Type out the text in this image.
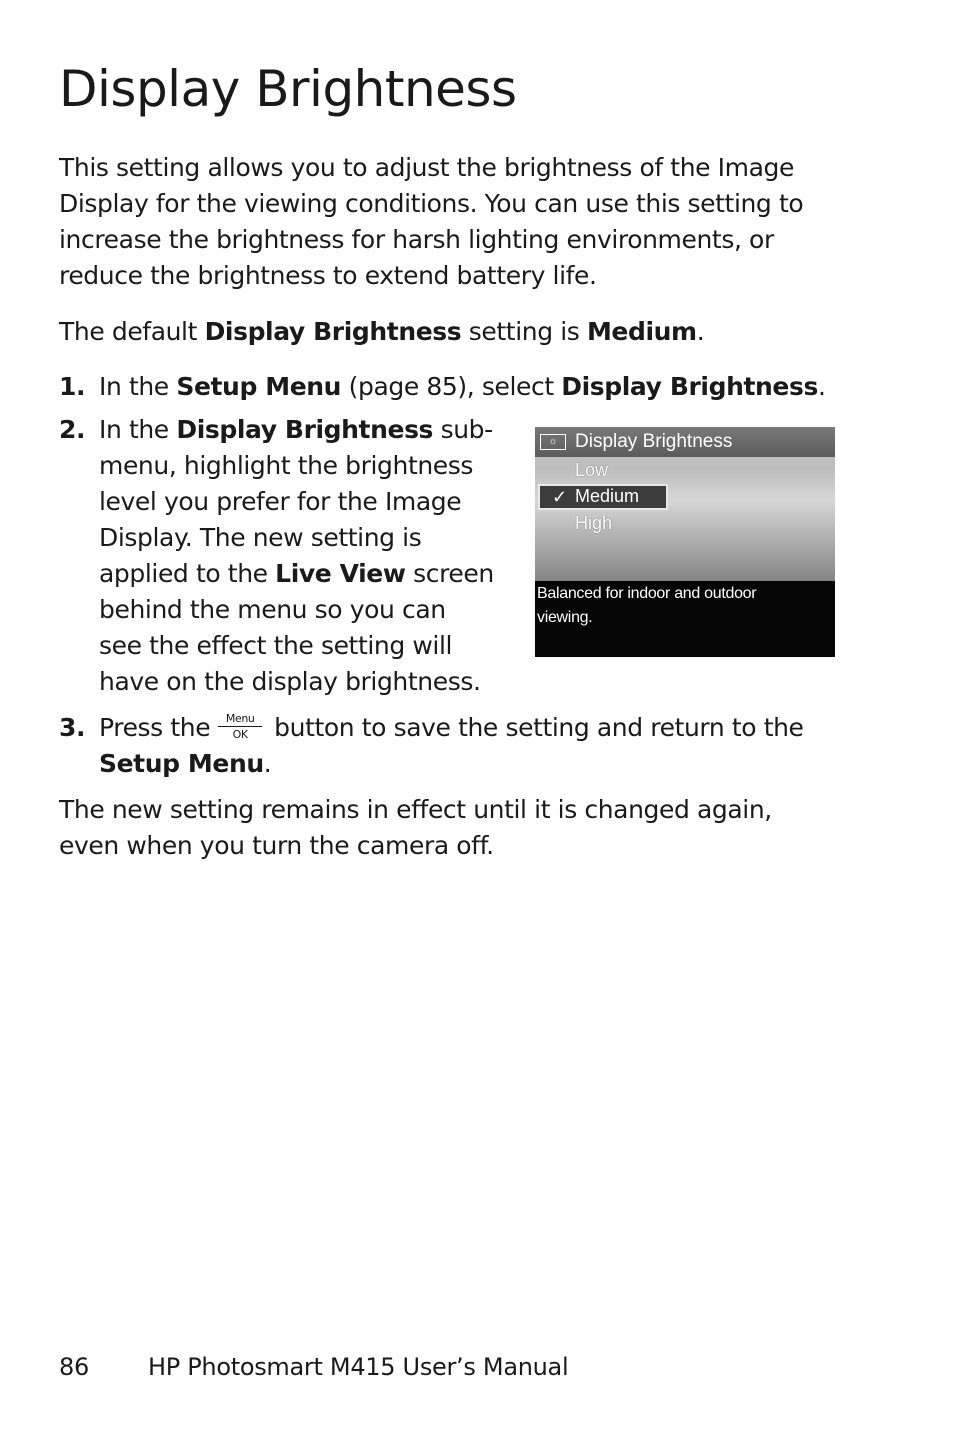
Display Brightness

This setting allows you to adjust the brightness of the Image
Display for the viewing conditions. You can use this setting to
increase the brightness for harsh lighting environments, or
reduce the brightness to extend battery life.

The default Display Brightness setting is Medium.

1. In the Setup Menu (page 85), select Display Brightness.
2. In the Display Brightness sub-
menu, highlight the brightness
level you prefer for the Image
Display. The new setting is
applied to the Live View screen
behind the menu so you can
see the effect the setting will
have on the display brightness.
☼ Display Brightness
Low
✓ Medium
High
Balanced for indoor and outdoor
viewing.
3. Press the	Menu
OK	button to save the setting and return to the
Setup Menu.

The new setting remains in effect until it is changed again,
even when you turn the camera off.

86 HP Photosmart M415 User’s Manual
